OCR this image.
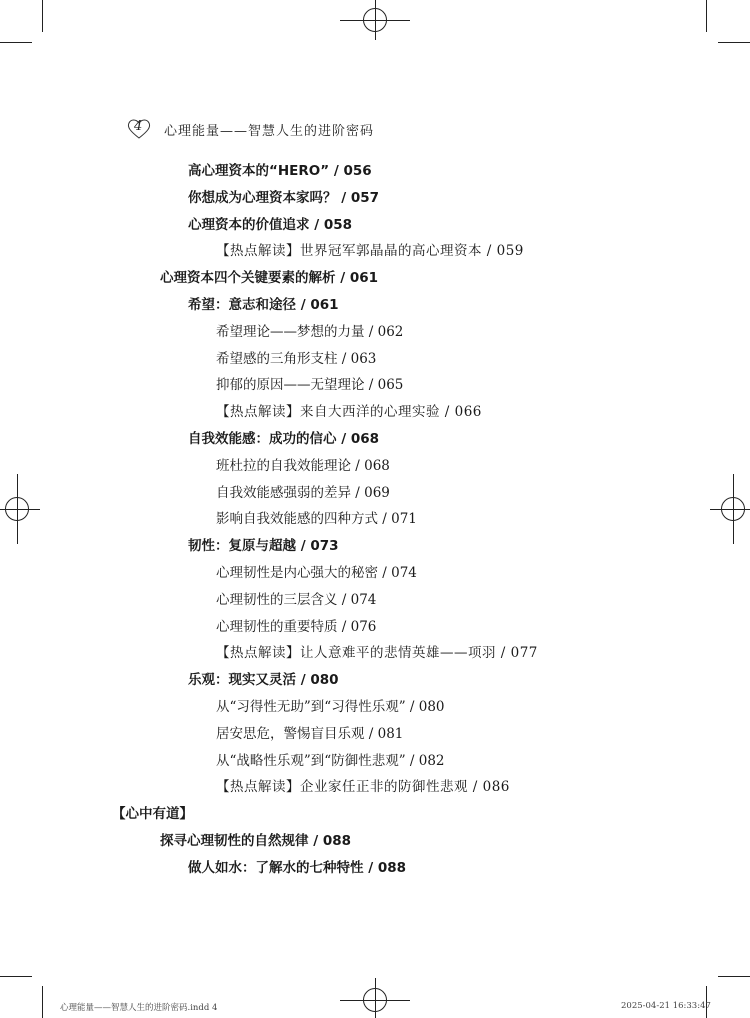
4 心理能量——智慧人生的进阶密码
高心理资本的“HERO” / 056
你想成为心理资本家吗？ / 057
心理资本的价值追求 / 058
【热点解读】世界冠军郭晶晶的高心理资本 / 059
心理资本四个关键要素的解析 / 061
希望：意志和途径 / 061
希望理论——梦想的力量 / 062
希望感的三角形支柱 / 063
抑郁的原因——无望理论 / 065
【热点解读】来自大西洋的心理实验 / 066
自我效能感：成功的信心 / 068
班杜拉的自我效能理论 / 068
自我效能感强弱的差异 / 069
影响自我效能感的四种方式 / 071
韧性：复原与超越 / 073
心理韧性是内心强大的秘密 / 074
心理韧性的三层含义 / 074
心理韧性的重要特质 / 076
【热点解读】让人意难平的悲情英雄——项羽 / 077
乐观：现实又灵活 / 080
从“习得性无助”到“习得性乐观” / 080
居安思危，警惕盲目乐观 / 081
从“战略性乐观”到“防御性悲观” / 082
【热点解读】企业家任正非的防御性悲观 / 086
【心中有道】
探寻心理韧性的自然规律 / 088
做人如水：了解水的七种特性 / 088
心理能量——智慧人生的进阶密码.indd 4	2025-04-21 16:33:47
